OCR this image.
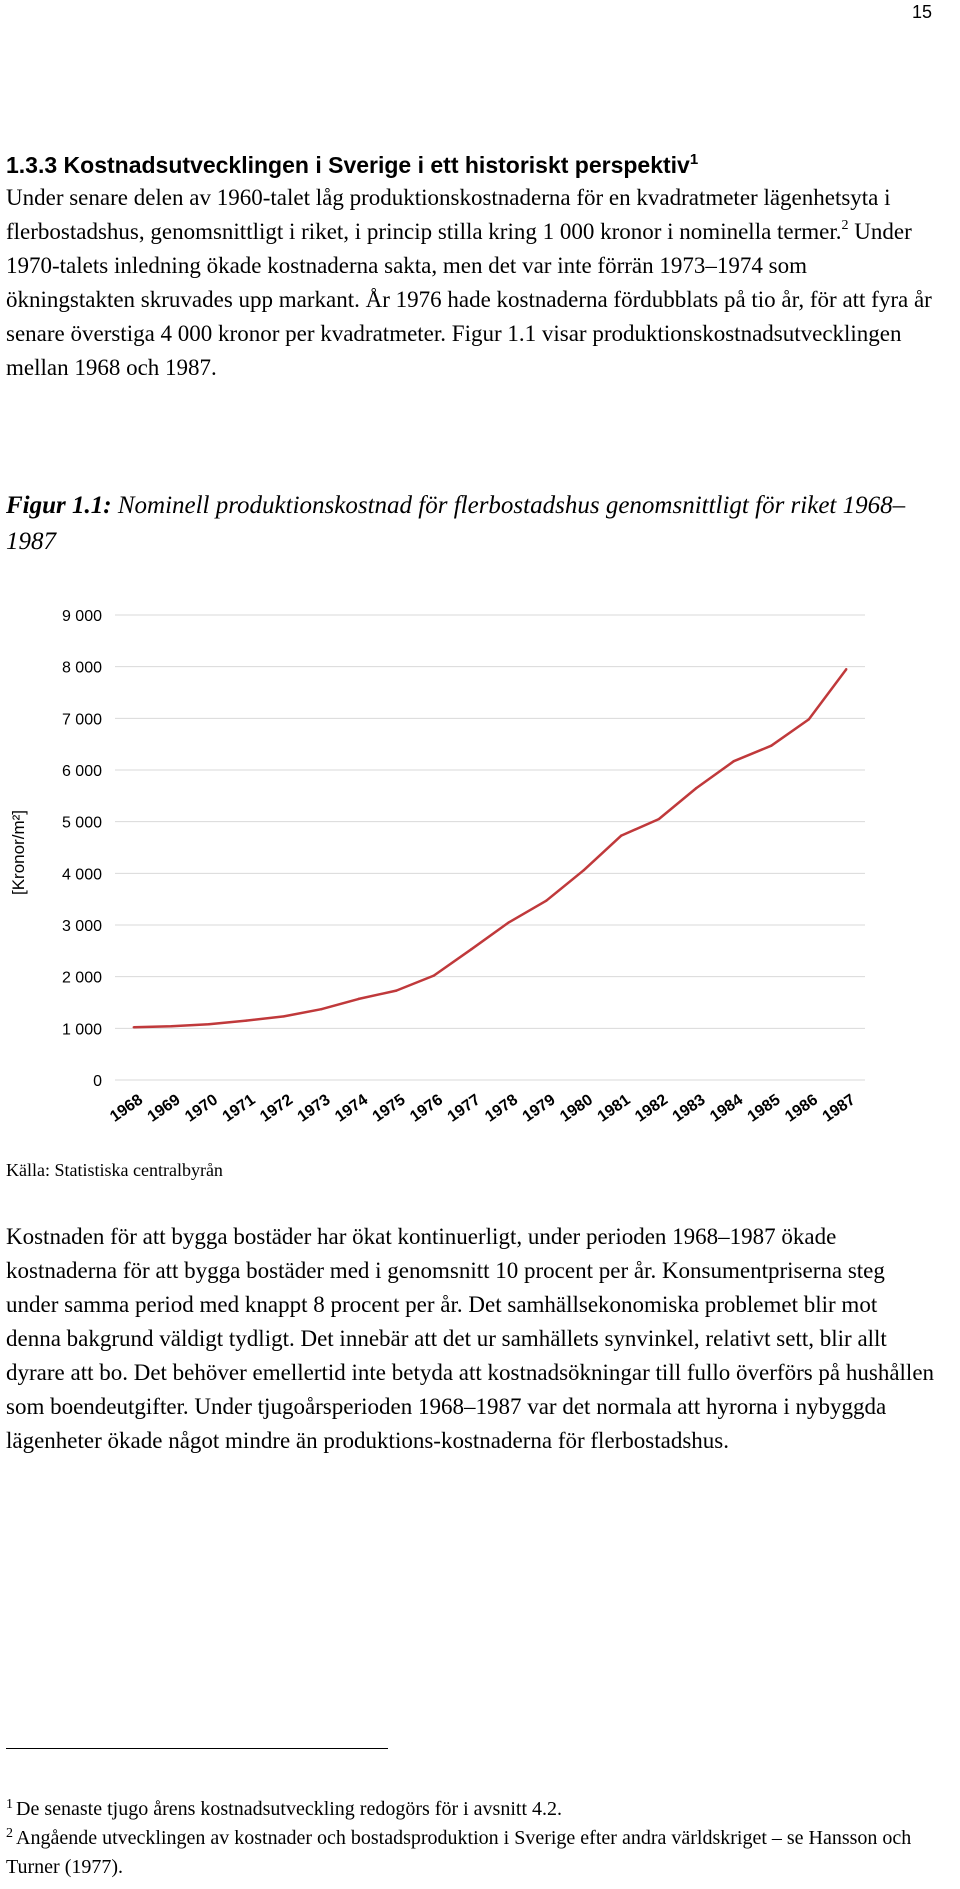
15
1.3.3 Kostnadsutvecklingen i Sverige i ett historiskt perspektiv$^1$

Under senare delen av 1960-talet låg produktionskostnaderna för en kvadratmeter lägenhetsyta i flerbostadshus, genomsnittligt i riket, i princip stilla kring 1 000 kronor i nominella termer.$^2$ Under 1970-talets inledning ökade kostnaderna sakta, men det var inte förrän 1973–1974 som ökningstakten skruvades upp markant. År 1976 hade kostnaderna fördubblats på tio år, för att fyra år senare överstiga 4 000 kronor per kvadratmeter. Figur 1.1 visar produktionskostnadsutvecklingen mellan 1968 och 1987.

Figur 1.1: Nominell produktionskostnad för flerbostadshus genomsnittligt för riket 1968–1987

0
1 000
2 000
3 000
4 000
5 000
6 000
7 000
8 000
9 000
1968
1969
1970
1971
1972
1973
1974
1975
1976
1977
1978
1979
1980
1981
1982
1983
1984
1985
1986
1987
[Kronor/m²]

Källa: Statistiska centralbyrån

Kostnaden för att bygga bostäder har ökat kontinuerligt, under perioden 1968–1987 ökade kostnaderna för att bygga bostäder med i genomsnitt 10 procent per år. Konsumentpriserna steg under samma period med knappt 8 procent per år. Det samhällsekonomiska problemet blir mot denna bakgrund väldigt tydligt. Det innebär att det ur samhällets synvinkel, relativt sett, blir allt dyrare att bo. Det behöver emellertid inte betyda att kostnadsökningar till fullo överförs på hushållen som boendeutgifter. Under tjugoårsperioden 1968–1987 var det normala att hyrorna i nybyggda lägenheter ökade något mindre än produktions-kostnaderna för flerbostadshus.

$^1$ De senaste tjugo årens kostnadsutveckling redogörs för i avsnitt 4.2.

$^2$ Angående utvecklingen av kostnader och bostadsproduktion i Sverige efter andra världskriget – se Hansson och Turner (1977).
